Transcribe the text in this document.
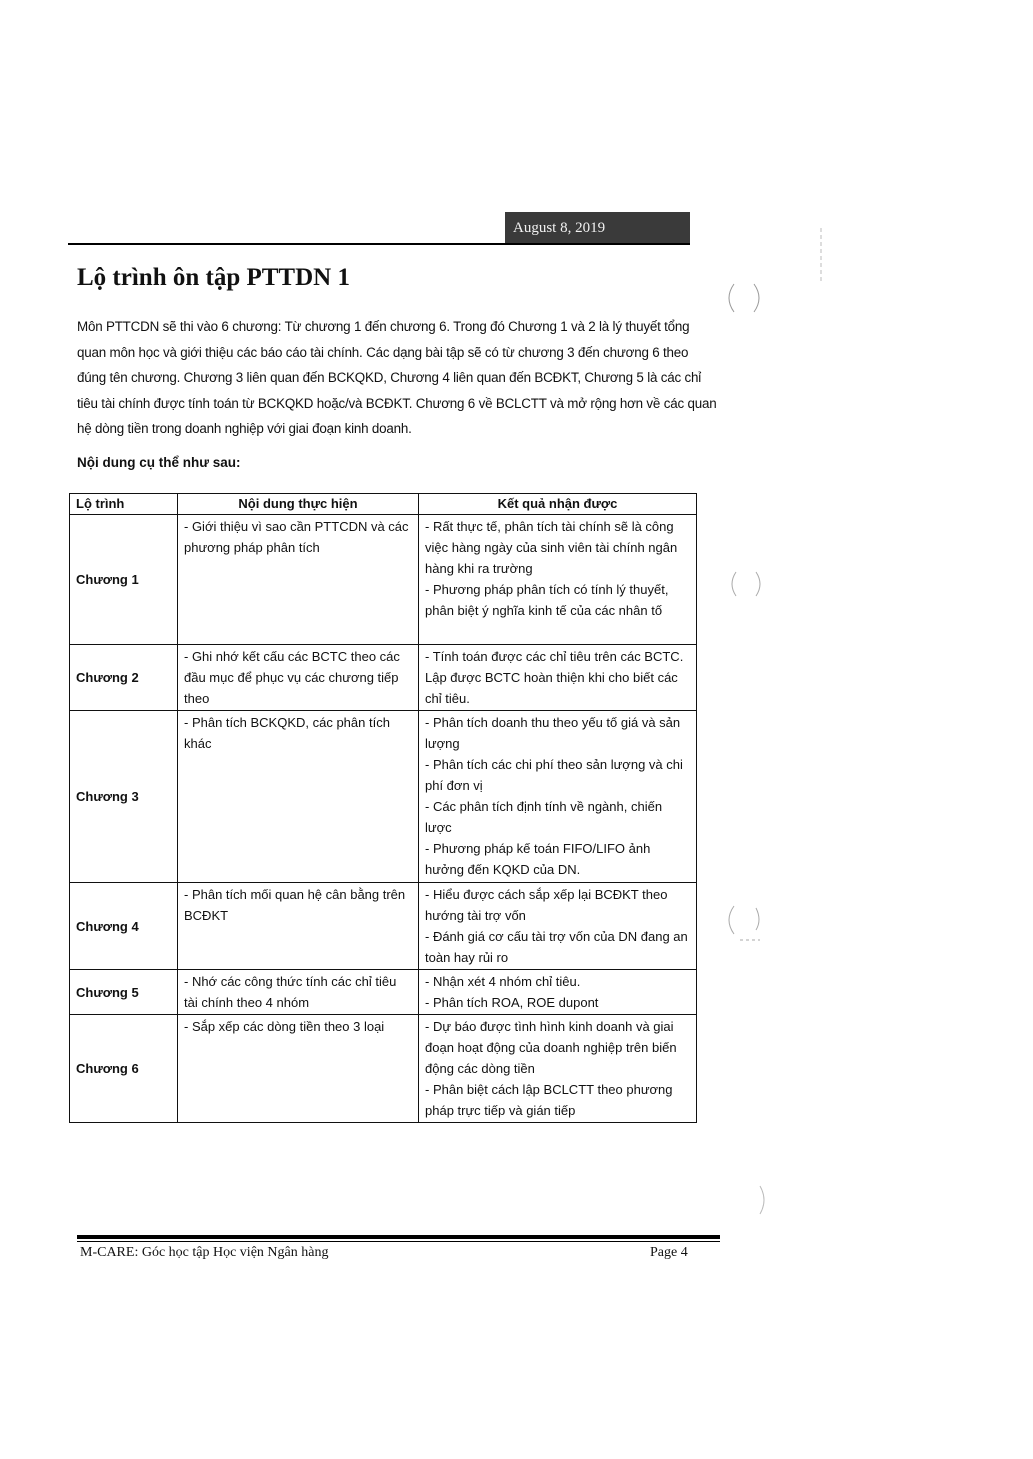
August 8, 2019
Lộ trình ôn tập PTTDN 1

Môn PTTCDN sẽ thi vào 6 chương: Từ chương 1 đến chương 6. Trong đó Chương 1 và 2 là lý thuyết tổng quan môn học và giới thiệu các báo cáo tài chính. Các dạng bài tập sẽ có từ chương 3 đến chương 6 theo đúng tên chương. Chương 3 liên quan đến BCKQKD, Chương 4 liên quan đến BCĐKT, Chương 5 là các chỉ tiêu tài chính được tính toán từ BCKQKD hoặc/và BCĐKT. Chương 6 về BCLCTT và mở rộng hơn về các quan hệ dòng tiền trong doanh nghiệp với giai đoạn kinh doanh.

Nội dung cụ thể như sau:

Lộ trình	Nội dung thực hiện	Kết quả nhận được
Chương 1	- Giới thiệu vì sao cần PTTCDN và các phương pháp phân tích	- Rất thực tế, phân tích tài chính sẽ là công việc hàng ngày của sinh viên tài chính ngân hàng khi ra trường
- Phương pháp phân tích có tính lý thuyết, phân biệt ý nghĩa kinh tế của các nhân tố

Chương 2	- Ghi nhớ kết cấu các BCTC theo các đầu mục để phục vụ các chương tiếp theo	- Tính toán được các chỉ tiêu trên các BCTC. Lập được BCTC hoàn thiện khi cho biết các chỉ tiêu.

Chương 3	- Phân tích BCKQKD, các phân tích khác	- Phân tích doanh thu theo yếu tố giá và sản lượng
- Phân tích các chi phí theo sản lượng và chi phí đơn vị
- Các phân tích định tính về ngành, chiến lược
- Phương pháp kế toán FIFO/LIFO ảnh hưởng đến KQKD của DN.

Chương 4	- Phân tích mối quan hệ cân bằng trên BCĐKT	- Hiểu được cách sắp xếp lại BCĐKT theo hướng tài trợ vốn
- Đánh giá cơ cấu tài trợ vốn của DN đang an toàn hay rủi ro

Chương 5	- Nhớ các công thức tính các chỉ tiêu tài chính theo 4 nhóm	- Nhận xét 4 nhóm chỉ tiêu.
- Phân tích ROA, ROE dupont

Chương 6	- Sắp xếp các dòng tiền theo 3 loại	- Dự báo được tình hình kinh doanh và giai đoạn hoạt động của doanh nghiệp trên biến động các dòng tiền
- Phân biệt cách lập BCLCTT theo phương pháp trực tiếp và gián tiếp
M-CARE: Góc học tập Học viện Ngân hàng	Page 4
